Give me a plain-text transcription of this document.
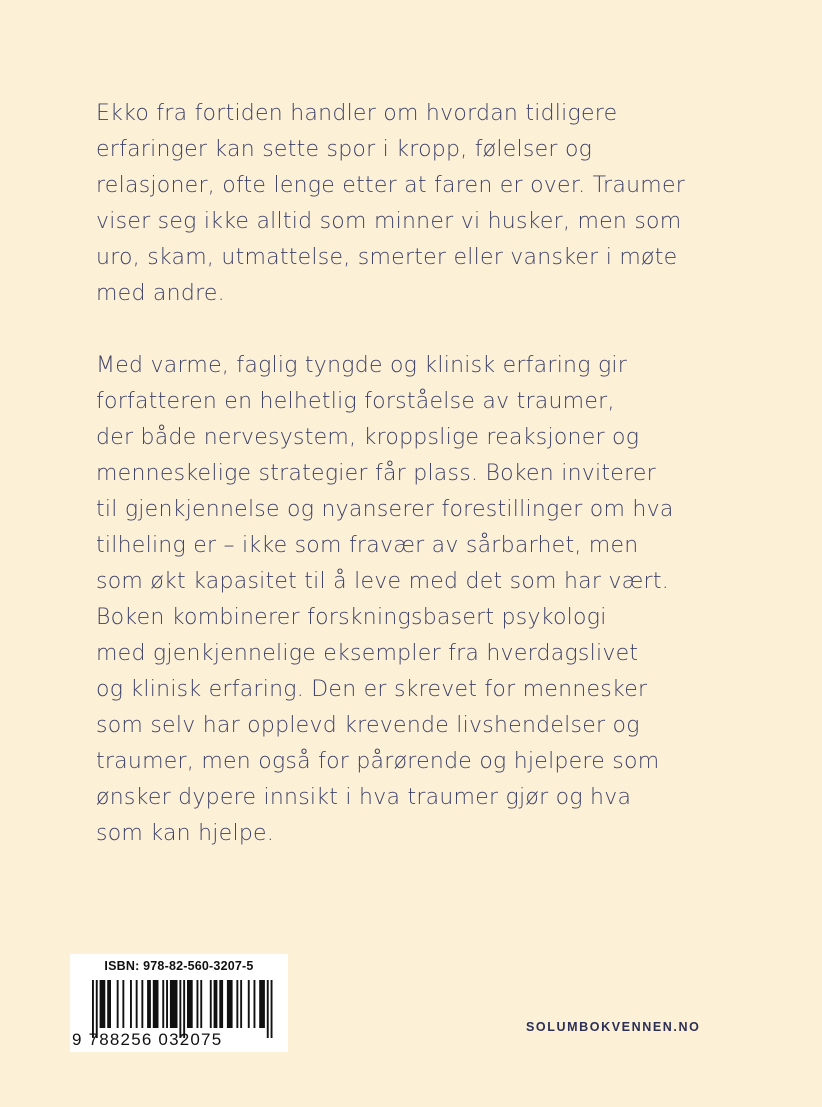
Ekko fra fortiden handler om hvordan tidligere
erfaringer kan sette spor i kropp, følelser og
relasjoner, ofte lenge etter at faren er over. Traumer
viser seg ikke alltid som minner vi husker, men som
uro, skam, utmattelse, smerter eller vansker i møte
med andre.
Med varme, faglig tyngde og klinisk erfaring gir
forfatteren en helhetlig forståelse av traumer,
der både nervesystem, kroppslige reaksjoner og
menneskelige strategier får plass. Boken inviterer
til gjenkjennelse og nyanserer forestillinger om hva
tilheling er – ikke som fravær av sårbarhet, men
som økt kapasitet til å leve med det som har vært.
Boken kombinerer forskningsbasert psykologi
med gjenkjennelige eksempler fra hverdagslivet
og klinisk erfaring. Den er skrevet for mennesker
som selv har opplevd krevende livshendelser og
traumer, men også for pårørende og hjelpere som
ønsker dypere innsikt i hva traumer gjør og hva
som kan hjelpe.
ISBN: 978-82-560-3207-5
9 788256 032075
SOLUMBOKVENNEN.NO
